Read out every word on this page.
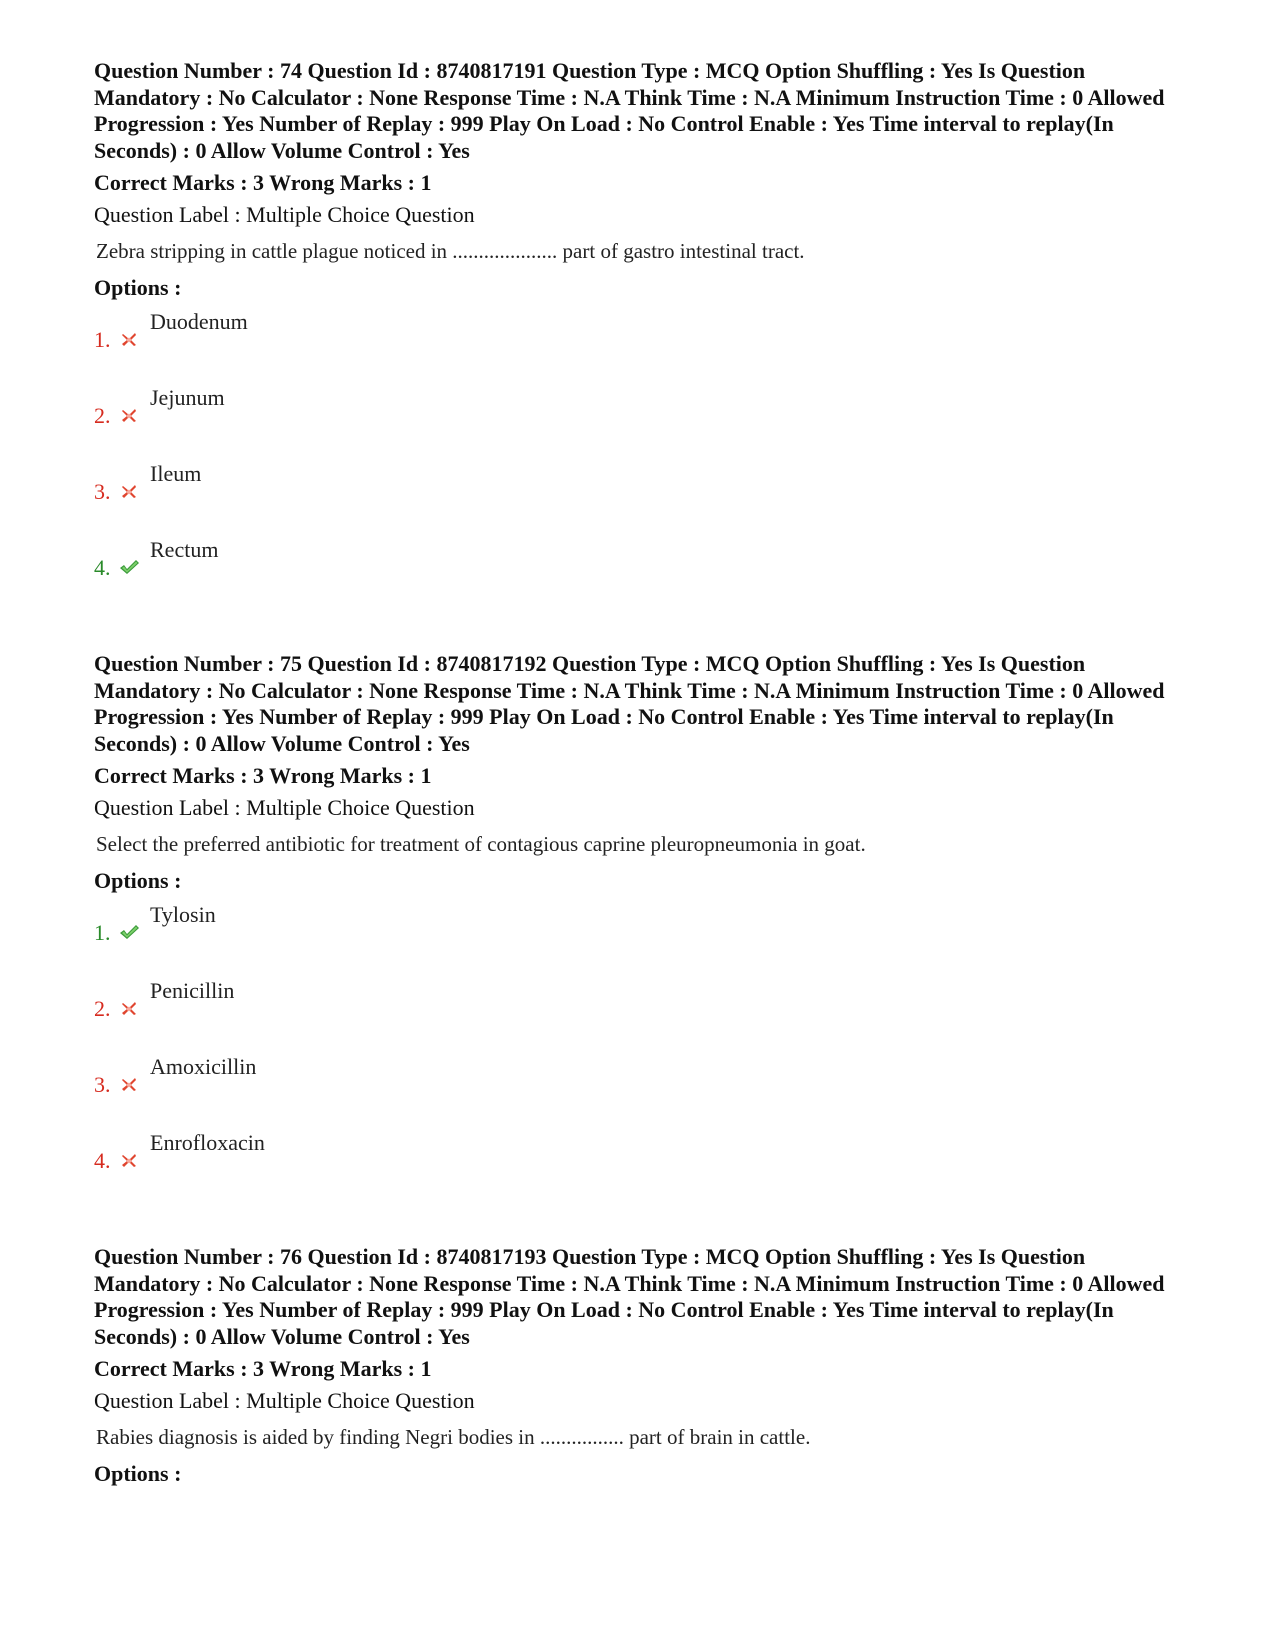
Question Number : 74 Question Id : 8740817191 Question Type : MCQ Option Shuffling : Yes Is Question Mandatory : No Calculator : None Response Time : N.A Think Time : N.A Minimum Instruction Time : 0 Allowed Progression : Yes Number of Replay : 999 Play On Load : No Control Enable : Yes Time interval to replay(In Seconds) : 0 Allow Volume Control : Yes

Correct Marks : 3 Wrong Marks : 1
Question Label : Multiple Choice Question
Zebra stripping in cattle plague noticed in .................... part of gastro intestinal tract.
Options :
1.
Duodenum
2.
Jejunum
3.
Ileum
4.
Rectum

Question Number : 75 Question Id : 8740817192 Question Type : MCQ Option Shuffling : Yes Is Question Mandatory : No Calculator : None Response Time : N.A Think Time : N.A Minimum Instruction Time : 0 Allowed Progression : Yes Number of Replay : 999 Play On Load : No Control Enable : Yes Time interval to replay(In Seconds) : 0 Allow Volume Control : Yes

Correct Marks : 3 Wrong Marks : 1
Question Label : Multiple Choice Question
Select the preferred antibiotic for treatment of contagious caprine pleuropneumonia in goat.
Options :
1.
Tylosin
2.
Penicillin
3.
Amoxicillin
4.
Enrofloxacin

Question Number : 76 Question Id : 8740817193 Question Type : MCQ Option Shuffling : Yes Is Question Mandatory : No Calculator : None Response Time : N.A Think Time : N.A Minimum Instruction Time : 0 Allowed Progression : Yes Number of Replay : 999 Play On Load : No Control Enable : Yes Time interval to replay(In Seconds) : 0 Allow Volume Control : Yes

Correct Marks : 3 Wrong Marks : 1
Question Label : Multiple Choice Question
Rabies diagnosis is aided by finding Negri bodies in ................ part of brain in cattle.
Options :
